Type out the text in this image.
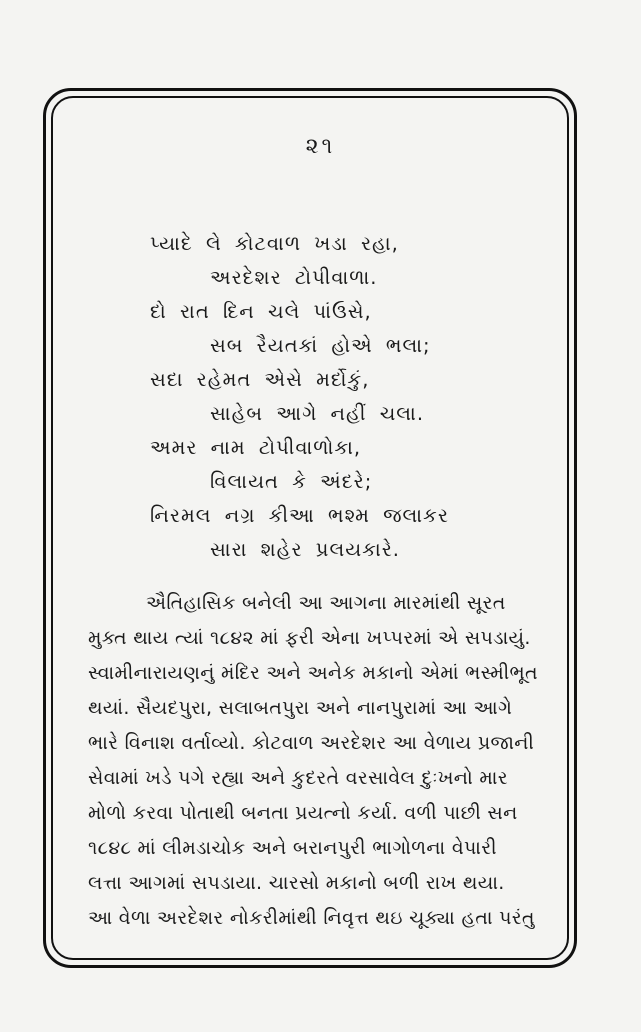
૨૧
પ્યાદે લે કોટવાળ ખડા રહા,
અરદેશર ટોપીવાળા.
દો રાત દિન ચલે પાંઉસે,
સબ રૈયતકાં હોએ ભલા;
સદા રહેમત એસે મર્દોકું,
સાહેબ આગે નહીં ચલા.
અમર નામ ટોપીવાળોકા,
વિલાયત કે અંદરે;
નિરમલ નગ્ર કીઆ ભશ્મ જલાકર
સારા શહેર પ્રલયકારે.
ઐતિહાસિક બનેલી આ આગના મારમાંથી સૂરત
મુક્ત થાય ત્યાં ૧૮૪૨ માં ફરી એના ખપ્પરમાં એ સપડાયું.
સ્વામીનારાયણનું મંદિર અને અનેક મકાનો એમાં ભસ્મીભૂત
થયાં. સૈયદપુરા, સલાબતપુરા અને નાનપુરામાં આ આગે
ભારે વિનાશ વર્તાવ્યો. કોટવાળ અરદેશર આ વેળાય પ્રજાની
સેવામાં ખડે પગે રહ્યા અને કુદરતે વરસાવેલ દુઃખનો માર
મોળો કરવા પોતાથી બનતા પ્રયત્નો કર્યા. વળી પાછી સન
૧૮૪૮ માં લીમડાચોક અને બરાનપુરી ભાગોળના વેપારી
લત્તા આગમાં સપડાયા. ચારસો મકાનો બળી રાખ થયા.
આ વેળા અરદેશર નોકરીમાંથી નિવૃત્ત થઇ ચૂક્યા હતા પરંતુ
